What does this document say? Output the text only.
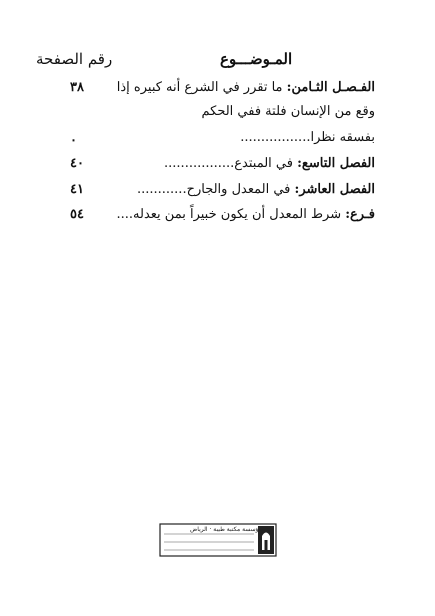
المـوضـــوع
رقم الصفحة
الفـصـل الثـامن: ما تقرر في الشرع أنه كبيره إذا
٣٨
وقع من الإنسان فلتة ففي الحكم
بفسقه نظرا.................
٠
الفصل التاسع: في المبتدع.................
٤٠
الفصل العاشر: في المعدل والجارح............
٤١
فـرع: شرط المعدل أن يكون خبيراً بمن يعدله....
٥٤
مؤسسة مكتبة طيبة · الرياض
